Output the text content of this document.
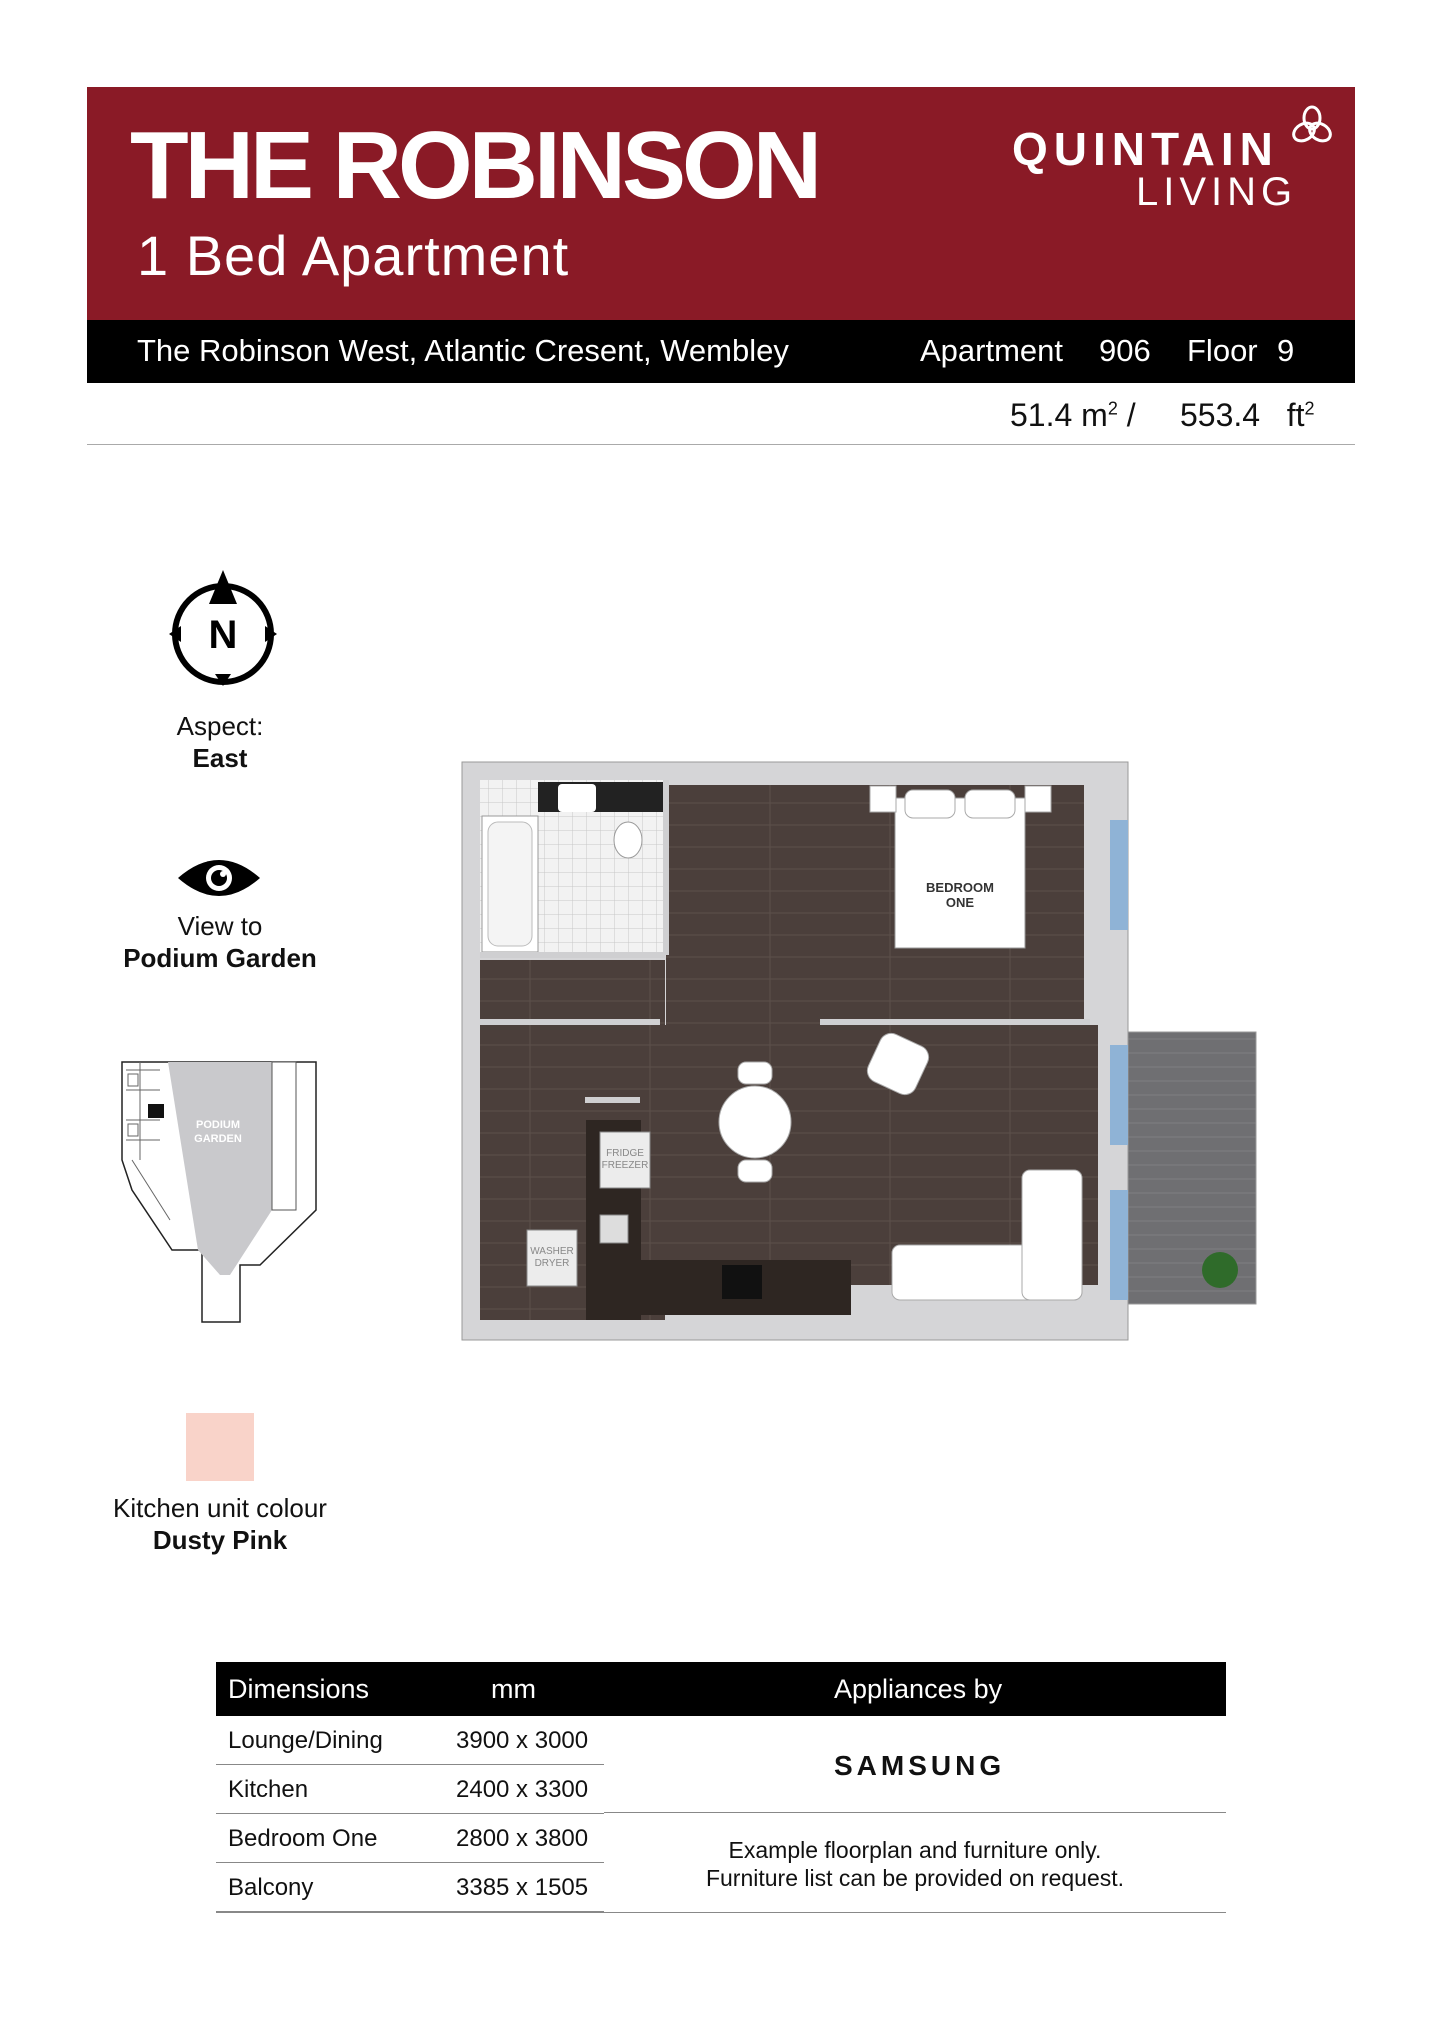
THE ROBINSON
1 Bed Apartment
QUINTAIN
LIVING
The Robinson West, Atlantic Cresent, Wembley	Apartment 906 Floor 9
51.4 $m^2 / 553.4$ $ft^2$
N
Aspect:
East
View to
Podium Garden
PODIUM
GARDEN
Kitchen unit colour
Dusty Pink
BEDROOM
ONE
FRIDGE
FREEZER
WASHER
DRYER
Dimensions	mm	Appliances by
Lounge/Dining	3900 x 3000
Kitchen	2400 x 3300
Bedroom One	2800 x 3800
Balcony	3385 x 1505
SAMSUNG
Example floorplan and furniture only.
Furniture list can be provided on request.
